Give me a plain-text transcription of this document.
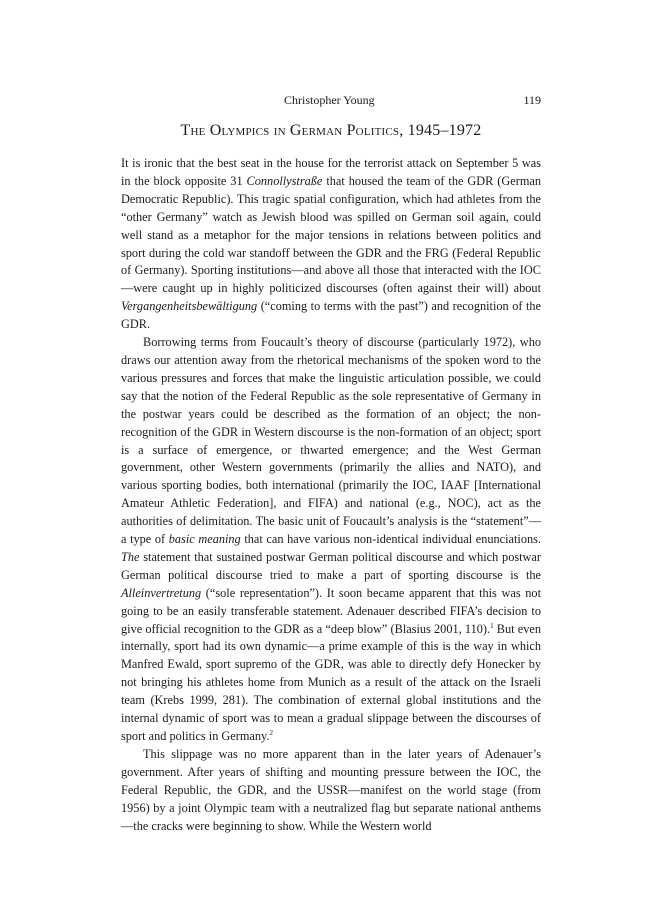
Christopher Young	119
The Olympics in German Politics, 1945–1972

It is ironic that the best seat in the house for the terrorist attack on September 5 was in the block opposite 31 Connollystraße that housed the team of the GDR (German Democratic Republic). This tragic spatial configuration, which had athletes from the “other Germany” watch as Jewish blood was spilled on German soil again, could well stand as a metaphor for the major tensions in relations between politics and sport during the cold war standoff between the GDR and the FRG (Federal Republic of Germany). Sporting institutions—and above all those that interacted with the IOC—were caught up in highly politicized discourses (often against their will) about Vergangenheitsbewältigung (“coming to terms with the past”) and recognition of the GDR.

Borrowing terms from Foucault’s theory of discourse (particularly 1972), who draws our attention away from the rhetorical mechanisms of the spoken word to the various pressures and forces that make the linguistic articulation possible, we could say that the notion of the Federal Republic as the sole representative of Germany in the postwar years could be described as the formation of an object; the non-recognition of the GDR in Western discourse is the non-formation of an object; sport is a surface of emergence, or thwarted emergence; and the West German government, other Western governments (primarily the allies and NATO), and various sporting bodies, both international (primarily the IOC, IAAF [International Amateur Athletic Federation], and FIFA) and national (e.g., NOC), act as the authorities of delimitation. The basic unit of Foucault’s analysis is the “statement”—a type of basic meaning that can have various non-identical individual enunciations. The statement that sustained postwar German political discourse and which postwar German political discourse tried to make a part of sporting discourse is the Alleinvertretung (“sole representation”). It soon became apparent that this was not going to be an easily transferable statement. Adenauer described FIFA’s decision to give official recognition to the GDR as a “deep blow” (Blasius 2001, 110).$^1$ But even internally, sport had its own dynamic—a prime example of this is the way in which Manfred Ewald, sport supremo of the GDR, was able to directly defy Honecker by not bringing his athletes home from Munich as a result of the attack on the Israeli team (Krebs 1999, 281). The combination of external global institutions and the internal dynamic of sport was to mean a gradual slippage between the discourses of sport and politics in Germany.$^2$

This slippage was no more apparent than in the later years of Adenauer’s government. After years of shifting and mounting pressure between the IOC, the Federal Republic, the GDR, and the USSR—manifest on the world stage (from 1956) by a joint Olympic team with a neutralized flag but separate national anthems—the cracks were beginning to show. While the Western world
